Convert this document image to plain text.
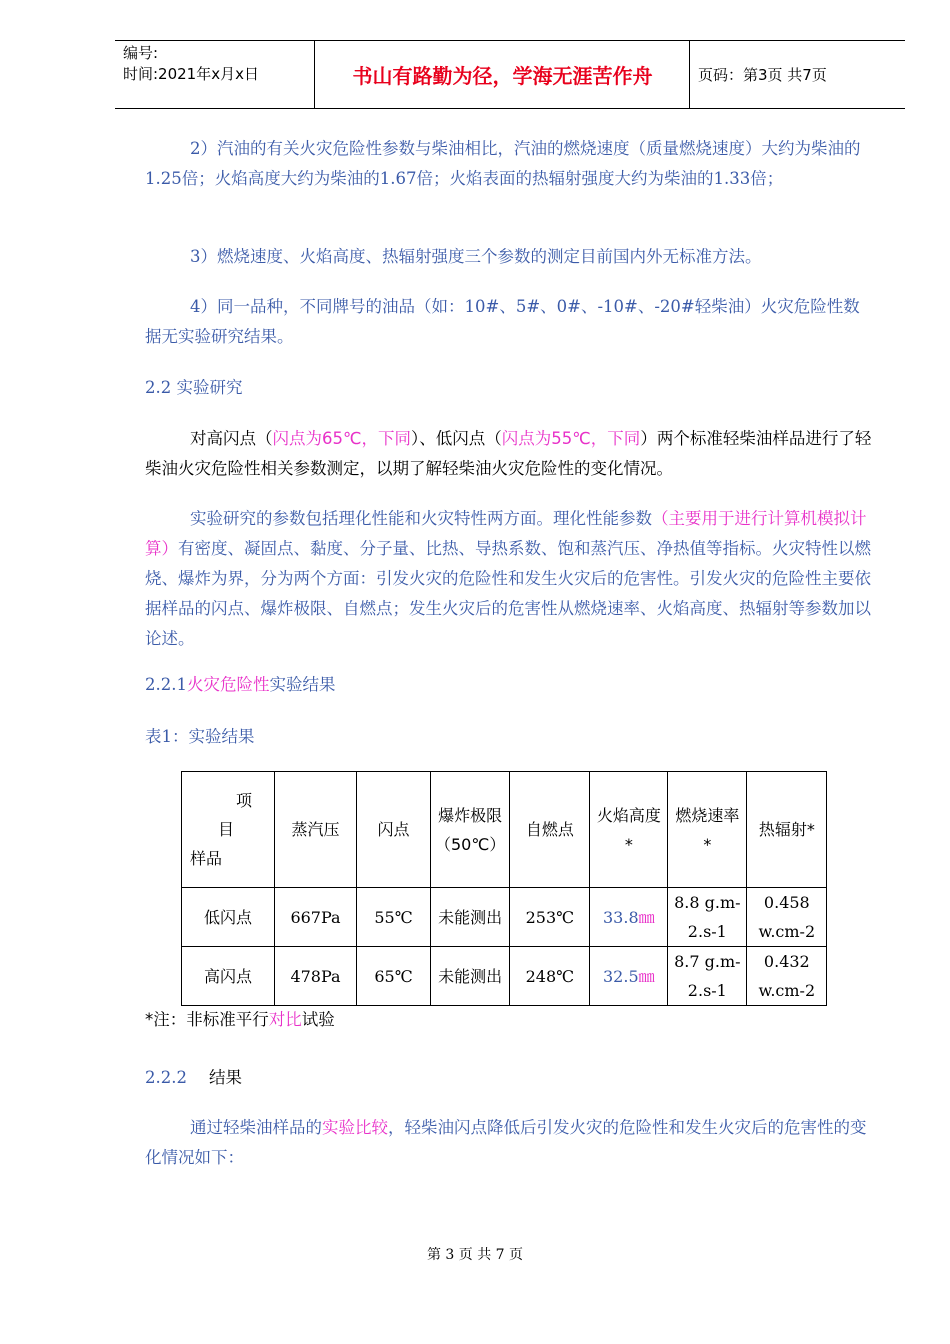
编号:
时间:2021年x月x日	书山有路勤为径，学海无涯苦作舟	页码：第3页 共7页
2）汽油的有关火灾危险性参数与柴油相比，汽油的燃烧速度（质量燃烧速度）大约为柴油的1.25倍；火焰高度大约为柴油的1.67倍；火焰表面的热辐射强度大约为柴油的1.33倍；
3）燃烧速度、火焰高度、热辐射强度三个参数的测定目前国内外无标准方法。
4）同一品种，不同牌号的油品（如：10#、5#、0#、-10#、-20#轻柴油）火灾危险性数据无实验研究结果。
2.2 实验研究
对高闪点（闪点为65℃，下同）、低闪点（闪点为55℃，下同）两个标准轻柴油样品进行了轻柴油火灾危险性相关参数测定，以期了解轻柴油火灾危险性的变化情况。
实验研究的参数包括理化性能和火灾特性两方面。理化性能参数（主要用于进行计算机模拟计算）有密度、凝固点、黏度、分子量、比热、导热系数、饱和蒸汽压、净热值等指标。火灾特性以燃烧、爆炸为界，分为两个方面：引发火灾的危险性和发生火灾后的危害性。引发火灾的危险性主要依据样品的闪点、爆炸极限、自燃点；发生火灾后的危害性从燃烧速率、火焰高度、热辐射等参数加以论述。
2.2.1火灾危险性实验结果
表1：实验结果
项
目
样品	蒸汽压	闪点	爆炸极限（50℃）	自燃点	火焰高度*	燃烧速率*	热辐射*
低闪点	667Pa	55℃	未能测出	253℃	33.8㎜	8.8 g.m-2.s-1	0.458 w.cm-2
高闪点	478Pa	65℃	未能测出	248℃	32.5㎜	8.7 g.m-2.s-1	0.432 w.cm-2
*注：非标准平行对比试验
2.2.2 结果
通过轻柴油样品的实验比较，轻柴油闪点降低后引发火灾的危险性和发生火灾后的危害性的变化情况如下：
第 3 页 共 7 页
